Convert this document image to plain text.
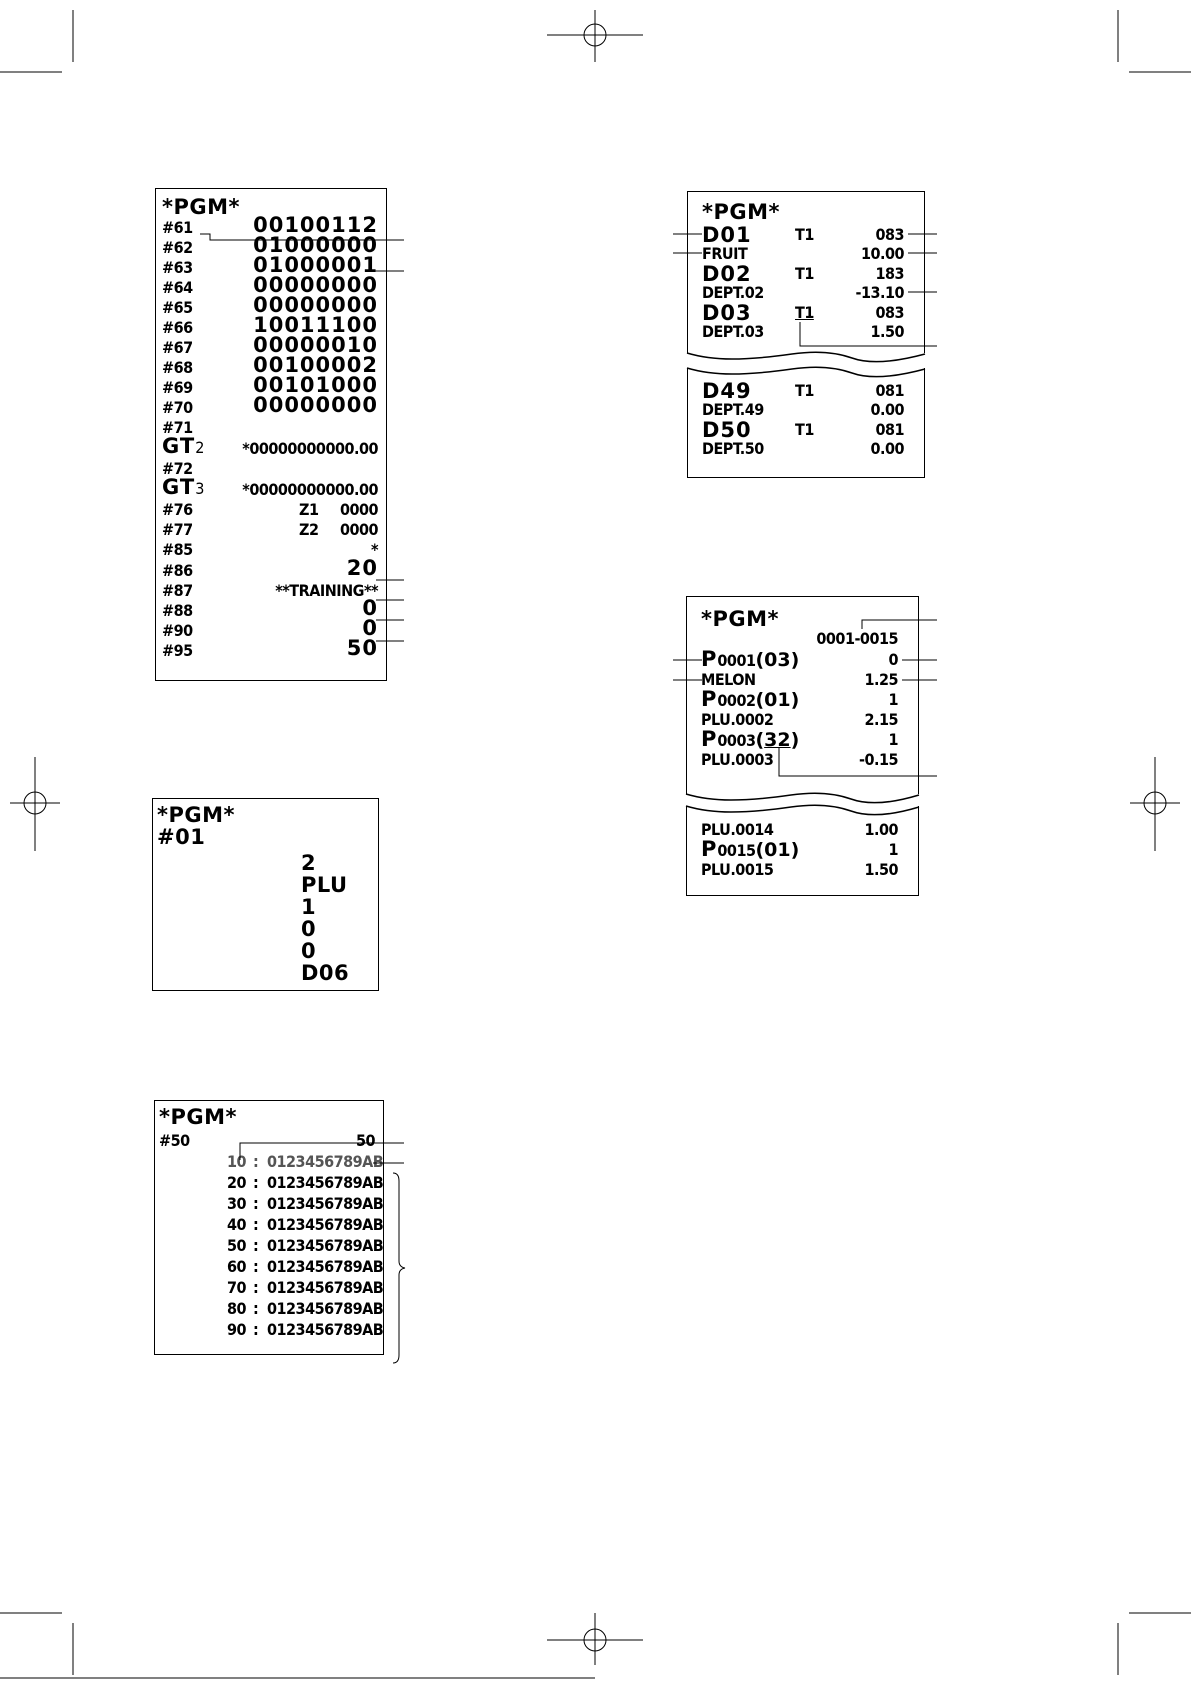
*PGM*
#61	00100112
#62	01000000
#63	01000001
#64	00000000
#65	00000000
#66	10011100
#67	00000010
#68	00100002
#69	00101000
#70	00000000
#71
GT2 *00000000000.00
#72
GT3 *00000000000.00
#76	Z1 0000
#77	Z2 0000
#85	*
#86	20
#87	**TRAINING**
#88	0
#90	0
#95	50
*PGM*
#01
2
PLU
1
0
0
D06
*PGM*
#50	50
10 : 0123456789AB
20 : 0123456789AB
30 : 0123456789AB
40 : 0123456789AB
50 : 0123456789AB
60 : 0123456789AB
70 : 0123456789AB
80 : 0123456789AB
90 : 0123456789AB
*PGM*
D01	T1	083
FRUIT	10.00
D02	T1	183
DEPT.02	-13.10
D03	T1	083
DEPT.03	1.50
D49	T1	081
DEPT.49	0.00
D50	T1	081
DEPT.50	0.00
*PGM*
0001-0015
P0001(03)	0
MELON	1.25
P0002(01)	1
PLU.0002	2.15
P0003(32)	1
PLU.0003	-0.15
PLU.0014	1.00
P0015(01)	1
PLU.0015	1.50
